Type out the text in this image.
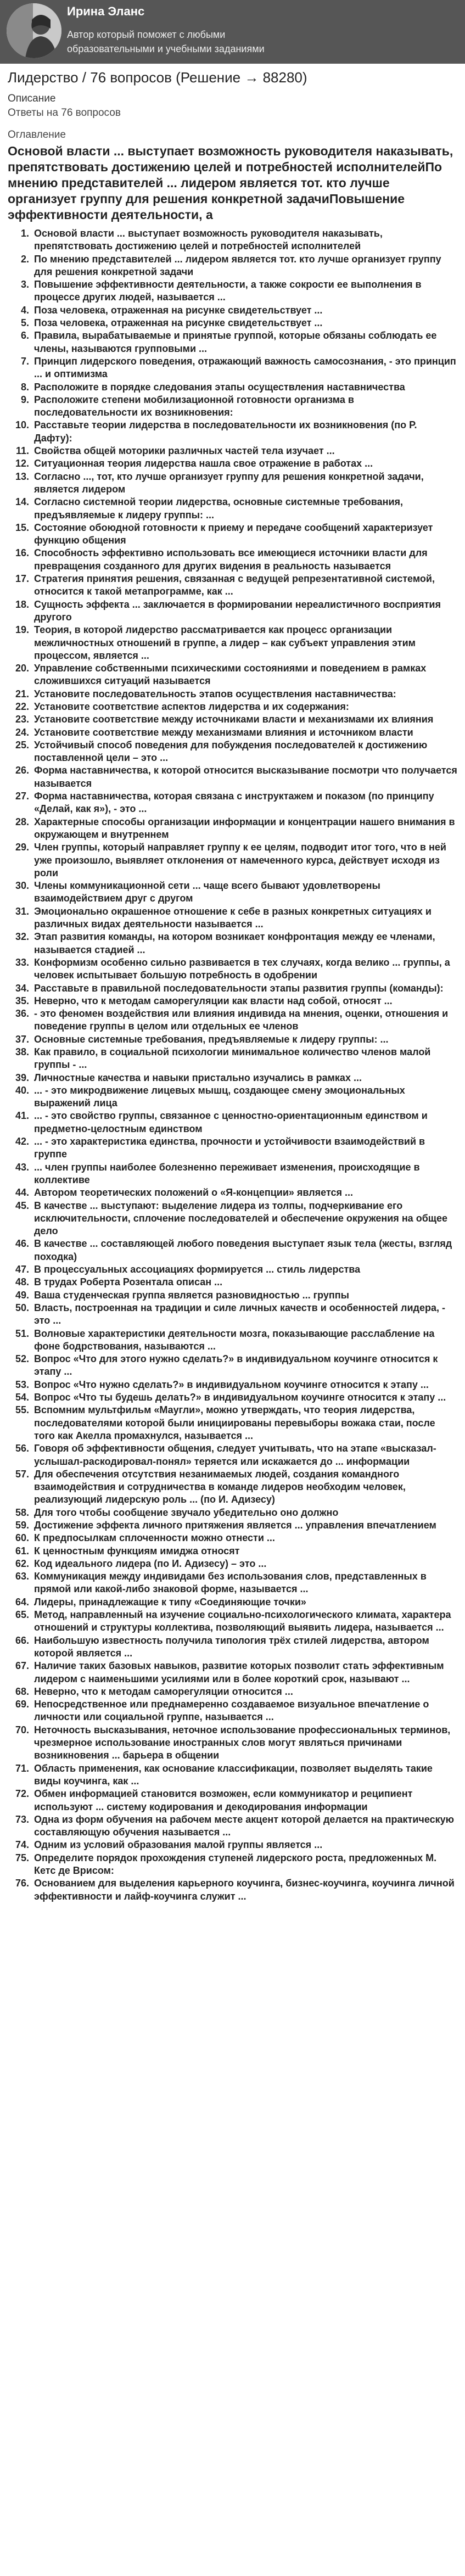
Ирина Эланс
Автор который поможет с любыми образовательными и учебными заданиями
Лидерство / 76 вопросов (Решение → 88280)
Описание
Ответы на 76 вопросов
Оглавление
Основой власти ... выступает возможность руководителя наказывать, препятствовать достижению целей и потребностей исполнителейПо мнению представителей ... лидером является тот. кто лучше организует группу для решения конкретной задачиПовышение эффективности деятельности, а
1. Основой власти ... выступает возможность руководителя наказывать, препятствовать достижению целей и потребностей исполнителей
2. По мнению представителей ... лидером является тот. кто лучше организует группу для решения конкретной задачи
3. Повышение эффективности деятельности, а также сокрости ее выполнения в процессе других людей, называется ...
4. Поза человека, отраженная на рисунке свидетельствует ...
5. Поза человека, отраженная на рисунке свидетельствует ...
6. Правила, вырабатываемые и принятые группой, которые обязаны соблюдать ее члены, называются групповыми ...
7. Принцип лидерского поведения, отражающий важность самосознания, - это принцип ... и оптимизма
8. Расположите в порядке следования этапы осуществления наставничества
9. Расположите степени мобилизационной готовности организма в последовательности их возникновения:
10. Расставьте теории лидерства в последовательности их возникновения (по Р. Дафту):
11. Свойства общей моторики различных частей тела изучает ...
12. Ситуационная теория лидерства нашла свое отражение в работах ...
13. Согласно ..., тот, кто лучше организует группу для решения конкретной задачи, является лидером
14. Согласно системной теории лидерства, основные системные требования, предъявляемые к лидеру группы: ...
15. Состояние обоюдной готовности к приему и передаче сообщений характеризует функцию общения
16. Способность эффективно использовать все имеющиеся источники власти для превращения созданного для других видения в реальность называется
17. Стратегия принятия решения, связанная с ведущей репрезентативной системой, относится к такой метапрограмме, как ...
18. Сущность эффекта ... заключается в формировании нереалистичного восприятия другого
19. Теория, в которой лидерство рассматривается как процесс организации межличностных отношений в группе, а лидер – как субъект управления этим процессом, является ...
20. Управление собственными психическими состояниями и поведением в рамках сложившихся ситуаций называется
21. Установите последовательность этапов осуществления наставничества:
22. Установите соответствие аспектов лидерства и их содержания:
23. Установите соответствие между источниками власти и механизмами их влияния
24. Установите соответствие между механизмами влияния и источником власти
25. Устойчивый способ поведения для побуждения последователей к достижению поставленной цели – это ...
26. Форма наставничества, к которой относится высказывание посмотри что получается называется
27. Форма наставничества, которая связана с инструктажем и показом (по принципу «Делай, как я»), - это ...
28. Характерные способы организации информации и концентрации нашего внимания в окружающем и внутреннем
29. Член группы, который направляет группу к ее целям, подводит итог того, что в ней уже произошло, выявляет отклонения от намеченного курса, действует исходя из роли
30. Члены коммуникационной сети ... чаще всего бывают удовлетворены взаимодействием друг с другом
31. Эмоционально окрашенное отношение к себе в разных конкретных ситуациях и различных видах деятельности называется ...
32. Этап развития команды, на котором возникает конфронтация между ее членами, называется стадией ...
33. Конформизм особенно сильно развивается в тех случаях, когда велико ... группы, а человек испытывает большую потребность в одобрении
34. Расставьте в правильной последовательности этапы развития группы (команды):
35. Неверно, что к методам саморегуляции как власти над собой, относят ...
36. - это феномен воздействия или влияния индивида на мнения, оценки, отношения и поведение группы в целом или отдельных ее членов
37. Основные системные требования, предъявляемые к лидеру группы: ...
38. Как правило, в социальной психологии минимальное количество членов малой группы - ...
39. Личностные качества и навыки пристально изучались в рамках ...
40. ... - это микродвижение лицевых мышц, создающее смену эмоциональных выражений лица
41. ... - это свойство группы, связанное с ценностно-ориентационным единством и предметно-целостным единством
42. ... - это характеристика единства, прочности и устойчивости взаимодействий в группе
43. ... член группы наиболее болезненно переживает изменения, происходящие в коллективе
44. Автором теоретических положений о «Я-концепции» является ...
45. В качестве ... выступают: выделение лидера из толпы, подчеркивание его исключительности, сплочение последователей и обеспечение окружения на общее дело
46. В качестве ... составляющей любого поведения выступает язык тела (жесты, взгляд походка)
47. В процессуальных ассоциациях формируется ... стиль лидерства
48. В трудах Роберта Розентала описан ...
49. Ваша студенческая группа является разновидностью ... группы
50. Власть, построенная на традиции и силе личных качеств и особенностей лидера, - это ...
51. Волновые характеристики деятельности мозга, показывающие расслабление на фоне бодрствования, называются ...
52. Вопрос «Что для этого нужно сделать?» в индивидуальном коучинге относится к этапу ...
53. Вопрос «Что нужно сделать?» в индивидуальном коучинге относится к этапу ...
54. Вопрос «Что ты будешь делать?» в индивидуальном коучинге относится к этапу ...
55. Вспомним мультфильм «Маугли», можно утверждать, что теория лидерства, последователями которой были инициированы перевыборы вожака стаи, после того как Акелла промахнулся, называется ...
56. Говоря об эффективности общения, следует учитывать, что на этапе «высказал-услышал-раскодировал-понял» теряется или искажается до ... информации
57. Для обеспечения отсутствия незанимаемых людей, создания командного взаимодействия и сотрудничества в команде лидеров необходим человек, реализующий лидерскую роль ... (по И. Адизесу)
58. Для того чтобы сообщение звучало убедительно оно должно
59. Достижение эффекта личного притяжения является ... управления впечатлением
60. К предпосылкам сплоченности можно отнести ...
61. К ценностным функциям имиджа относят
62. Код идеального лидера (по И. Адизесу) – это ...
63. Коммуникация между индивидами без использования слов, представленных в прямой или какой-либо знаковой форме, называется ...
64. Лидеры, принадлежащие к типу «Соединяющие точки»
65. Метод, направленный на изучение социально-психологического климата, характера отношений и структуры коллектива, позволяющий выявить лидера, называется ...
66. Наибольшую известность получила типология трёх стилей лидерства, автором которой является ...
67. Наличие таких базовых навыков, развитие которых позволит стать эффективным лидером с наименьшими усилиями или в более короткий срок, называют ...
68. Неверно, что к методам саморегуляции относится ...
69. Непосредственное или преднамеренно создаваемое визуальное впечатление о личности или социальной группе, называется ...
70. Неточность высказывания, неточное использование профессиональных терминов, чрезмерное использование иностранных слов могут являться причинами возникновения ... барьера в общении
71. Область применения, как основание классификации, позволяет выделять такие виды коучинга, как ...
72. Обмен информацией становится возможен, если коммуникатор и реципиент используют ... систему кодирования и декодирования информации
73. Одна из форм обучения на рабочем месте акцент которой делается на практическую составляющую обучения называется ...
74. Одним из условий образования малой группы является ...
75. Определите порядок прохождения ступеней лидерского роста, предложенных М. Кетс де Врисом:
76. Основанием для выделения карьерного коучинга, бизнес-коучинга, коучинга личной эффективности и лайф-коучинга служит ...
